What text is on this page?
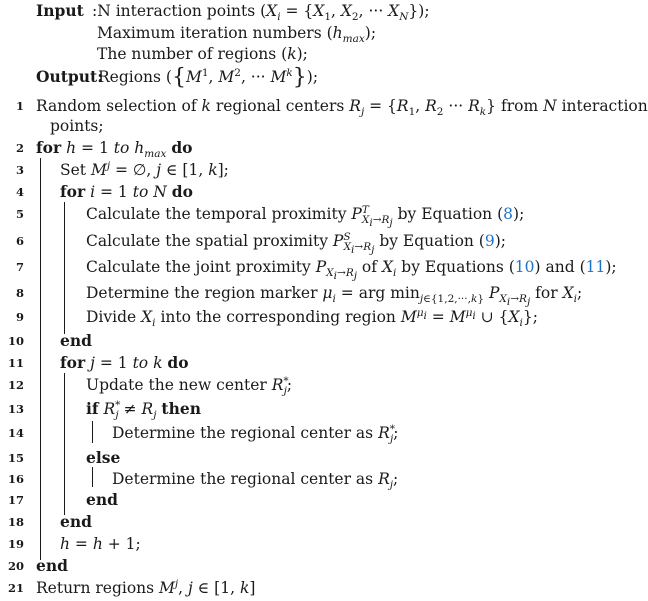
Input :N interaction points ($X_i = \{X_1$, $X_2$, ··· $X_N$});
Maximum iteration numbers $(h_{max})$;
The number of regions (k);
Output:
Regions ({$M^1$, $M^2$, ··· $M^k$});
1 Random selection of k regional centers $R_j = \{R_1$, $R_2$ ··· $R_k$} from N interaction
points;
2 for h = 1 to $h_{max}$ do
3 Set $M^j$ = ∅, j ∈ [1, k];
4 for i = 1 to N do
5	Calculate the temporal proximity $P^T_{X_i\to R_j}$ by Equation (8);
6	Calculate the spatial proximity $P^S_{X_i\to R_j}$ by Equation (9);
7	Calculate the joint proximity $P_{X_i\to R_j}$ of $X_i$ by Equations (10) and (11);
8	Determine the region marker $\mu_i$ = arg $\min_{j\in\{1,2,\cdot\cdot\cdot,k\}} P_{X_i\to R_j}$ for $X_i$;
9	Divide $X_i$ into the corresponding region $M^{\mu_i} = M^{\mu_i}$ ∪ $\{X_i\}$;
10 end
11 for j = 1 to k do
12	Update the new center $R^*_j$;
13	if $R^*_j \ne R_j$ then
14	Determine the regional center as $R^*_j$;
15	else
16	Determine the regional center as $R_j$;
17	end
18 end
19 h = h + 1;
20 end
21 Return regions $M^j$, j ∈ [1, k]
